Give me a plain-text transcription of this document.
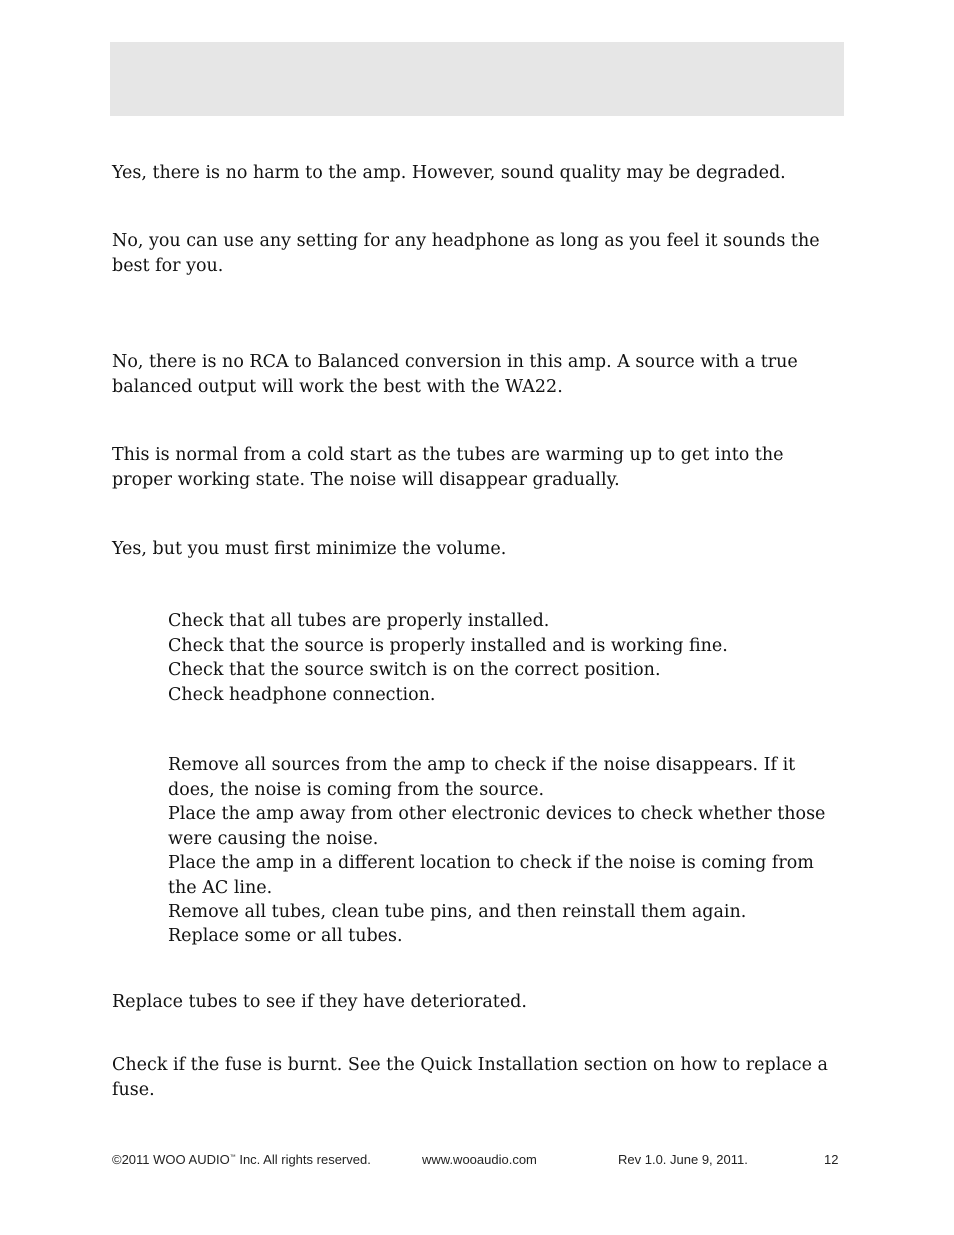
Yes, there is no harm to the amp. However, sound quality may be degraded.

No, you can use any setting for any headphone as long as you feel it sounds the best for you.

No, there is no RCA to Balanced conversion in this amp. A source with a true balanced output will work the best with the WA22.

This is normal from a cold start as the tubes are warming up to get into the proper working state. The noise will disappear gradually.

Yes, but you must first minimize the volume.

Check that all tubes are properly installed.

Check that the source is properly installed and is working fine.

Check that the source switch is on the correct position.

Check headphone connection.

Remove all sources from the amp to check if the noise disappears. If it does, the noise is coming from the source.

Place the amp away from other electronic devices to check whether those were causing the noise.

Place the amp in a different location to check if the noise is coming from the AC line.

Remove all tubes, clean tube pins, and then reinstall them again.

Replace some or all tubes.

Replace tubes to see if they have deteriorated.

Check if the fuse is burnt. See the Quick Installation section on how to replace a fuse.

©2011 WOO AUDIO™ Inc. All rights reserved.	www.wooaudio.com	Rev 1.0. June 9, 2011.	12
